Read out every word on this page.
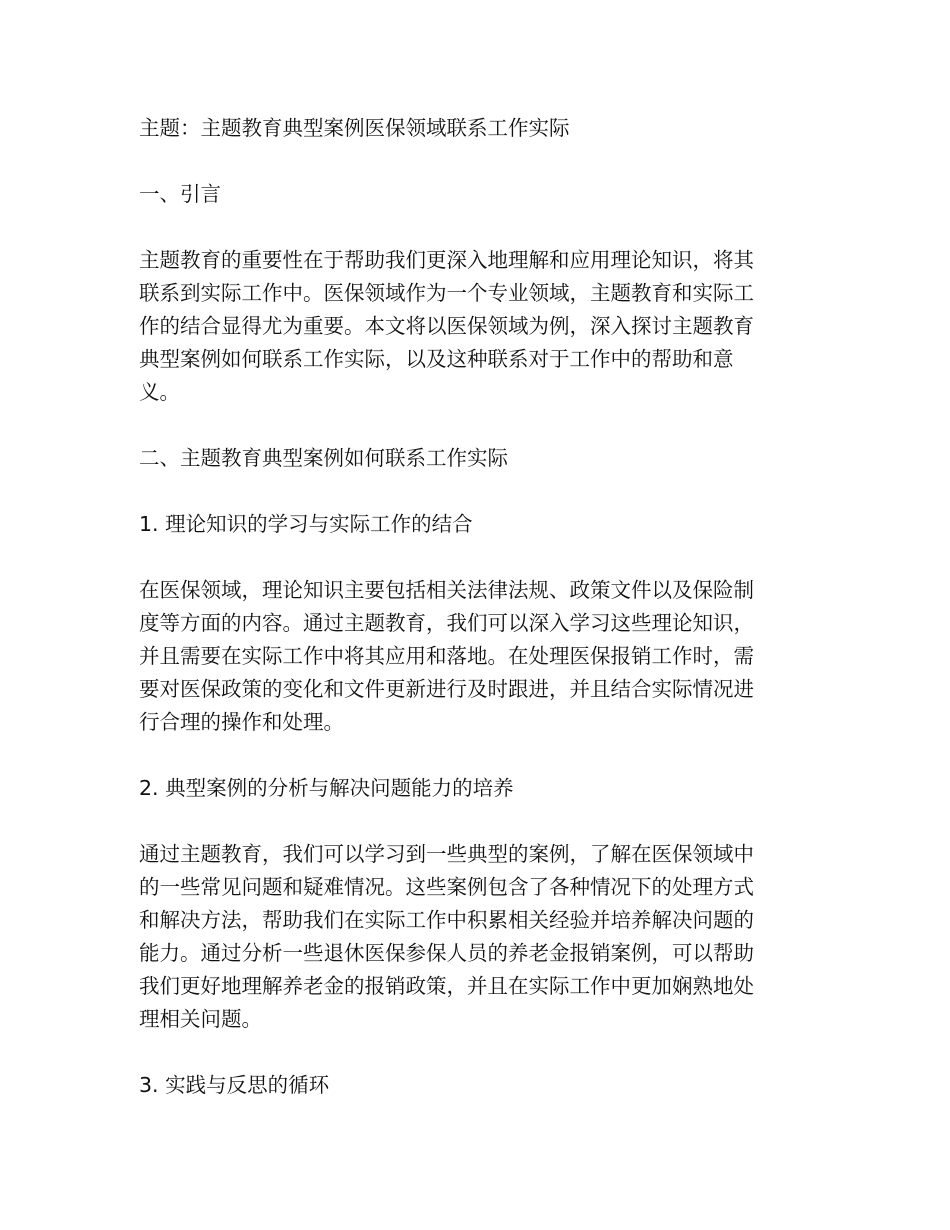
主题：主题教育典型案例医保领域联系工作实际

一、引言

主题教育的重要性在于帮助我们更深入地理解和应用理论知识，将其

联系到实际工作中。医保领域作为一个专业领域，主题教育和实际工

作的结合显得尤为重要。本文将以医保领域为例，深入探讨主题教育

典型案例如何联系工作实际，以及这种联系对于工作中的帮助和意

义。

二、主题教育典型案例如何联系工作实际

1. 理论知识的学习与实际工作的结合

在医保领域，理论知识主要包括相关法律法规、政策文件以及保险制

度等方面的内容。通过主题教育，我们可以深入学习这些理论知识，

并且需要在实际工作中将其应用和落地。在处理医保报销工作时，需

要对医保政策的变化和文件更新进行及时跟进，并且结合实际情况进

行合理的操作和处理。

2. 典型案例的分析与解决问题能力的培养

通过主题教育，我们可以学习到一些典型的案例，了解在医保领域中

的一些常见问题和疑难情况。这些案例包含了各种情况下的处理方式

和解决方法，帮助我们在实际工作中积累相关经验并培养解决问题的

能力。通过分析一些退休医保参保人员的养老金报销案例，可以帮助

我们更好地理解养老金的报销政策，并且在实际工作中更加娴熟地处

理相关问题。

3. 实践与反思的循环
